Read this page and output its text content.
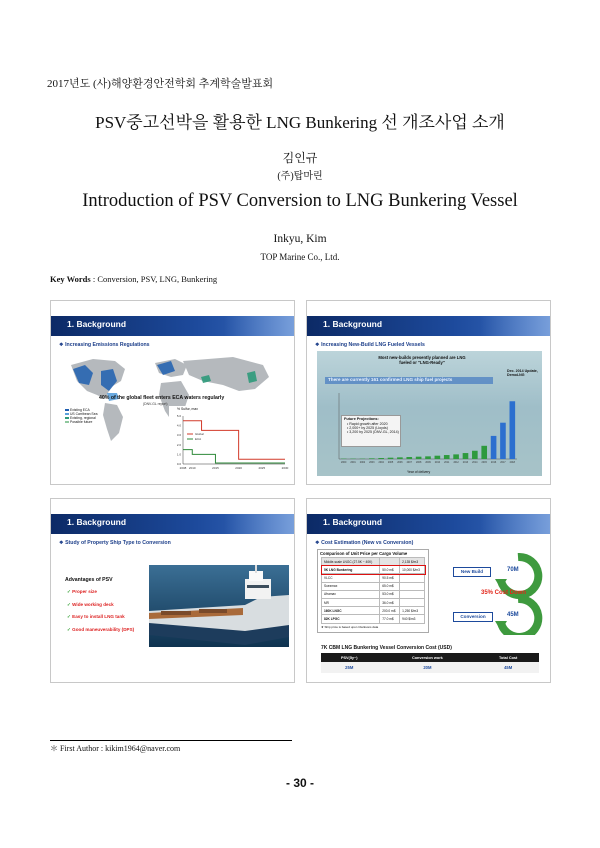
2017년도 (사)해양환경안전학회 추계학술발표회
PSV중고선박을 활용한 LNG Bunkering 선 개조사업 소개
김인규
(주)탑마린
Introduction of PSV Conversion to LNG Bunkering Vessel
Inkyu, Kim
TOP Marine Co., Ltd.
Key Words : Conversion, PSV, LNG, Bunkering
1. Background
❖ Increasing Emissions Regulations
40% of the global fleet enters ECA waters regularly
(DNV-GL report)
Existing ECA
US Carribean Sea
Existing, regional
Possible future
% Sulfur, max
5.0
4.0
3.0
2.0
1.0
0.0
2008 2010	2015	2020	2025	2030
Global
ECA
1. Background
❖ Increasing New-Build LNG Fueled Vessels
Most new-builds presently planned are LNG fueled or "LNG-Ready"
There are currently 161 confirmed LNG ship fuel projects
Dec. 2014 Update, DemoLNG
Future Projections:
• Rapid growth after 2020
• 2,000+ by 2025 (Lloyds)
• 3,200 by 2025 (DNV-GL, 2014)
2000 2001 2002 2003 2004 2005 2006 2007 2008 2009 2010 2011 2012 2013 2014 2015 2016 2017 2018
Year of delivery
1. Background
❖ Study of Property Ship Type to Conversion
Advantages of PSV
✓ Proper size
✓ Wide working deck
✓ Easy to install LNG tank
✓ Good maneuverability (DPS)
1. Background
❖ Cost Estimation (New vs Conversion)
Comparison of Unit Price per Cargo Volume
Middle-scale LNGC (27.5K ~ 40K)		2,135 $/m3
5K LNG Bunkering	50.0 m$	10,000 $/m3
VLCC	90.5 m$	
Suezmax	65.0 m$	
Aframax	53.0 m$	
MR	36.0 m$	
160K LNGC	200.0 m$	1,250 $/m3
82K LPGC	77.0 m$	940 $/m3
★ Ship price is based upon Clarksons data
70M
45M
New Build
Conversion
35% Cost Down
7K CBM LNG Bunkering Vessel Conversion Cost (USD)
PSV(5y~)	Conversion work	Total Cost
25M	20M	45M
＊ First Author : kikim1964@naver.com
- 30 -
